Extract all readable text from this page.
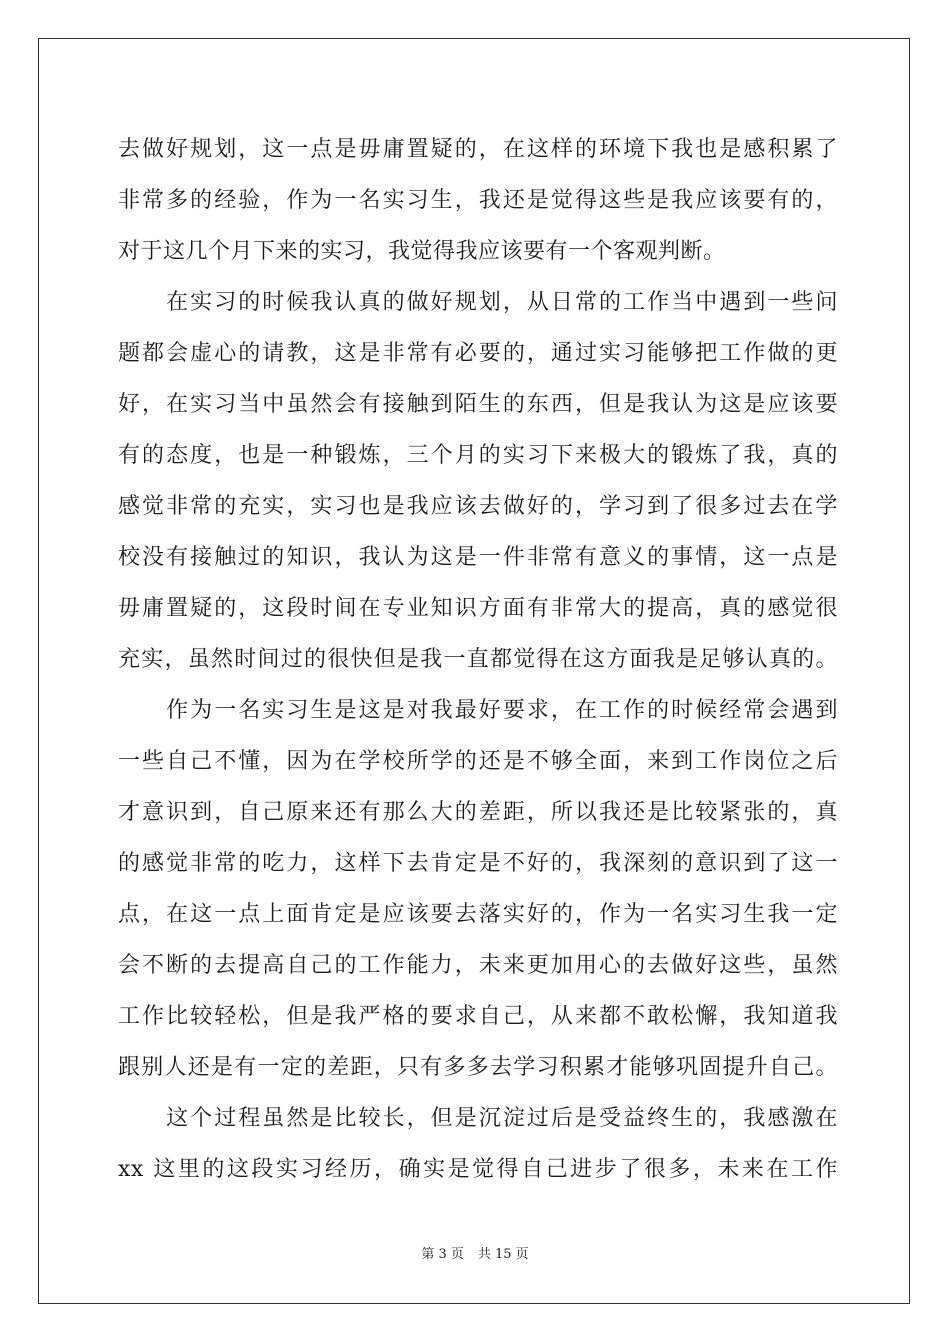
去做好规划，这一点是毋庸置疑的，在这样的环境下我也是感积累了
非常多的经验，作为一名实习生，我还是觉得这些是我应该要有的，
对于这几个月下来的实习，我觉得我应该要有一个客观判断。
　　在实习的时候我认真的做好规划，从日常的工作当中遇到一些问
题都会虚心的请教，这是非常有必要的，通过实习能够把工作做的更
好，在实习当中虽然会有接触到陌生的东西，但是我认为这是应该要
有的态度，也是一种锻炼，三个月的实习下来极大的锻炼了我，真的
感觉非常的充实，实习也是我应该去做好的，学习到了很多过去在学
校没有接触过的知识，我认为这是一件非常有意义的事情，这一点是
毋庸置疑的，这段时间在专业知识方面有非常大的提高，真的感觉很
充实，虽然时间过的很快但是我一直都觉得在这方面我是足够认真的。
　　作为一名实习生是这是对我最好要求，在工作的时候经常会遇到
一些自己不懂，因为在学校所学的还是不够全面，来到工作岗位之后
才意识到，自己原来还有那么大的差距，所以我还是比较紧张的，真
的感觉非常的吃力，这样下去肯定是不好的，我深刻的意识到了这一
点，在这一点上面肯定是应该要去落实好的，作为一名实习生我一定
会不断的去提高自己的工作能力，未来更加用心的去做好这些，虽然
工作比较轻松，但是我严格的要求自己，从来都不敢松懈，我知道我
跟别人还是有一定的差距，只有多多去学习积累才能够巩固提升自己。
　　这个过程虽然是比较长，但是沉淀过后是受益终生的，我感激在
xx 这里的这段实习经历，确实是觉得自己进步了很多，未来在工作
第 3 页 共 15 页
